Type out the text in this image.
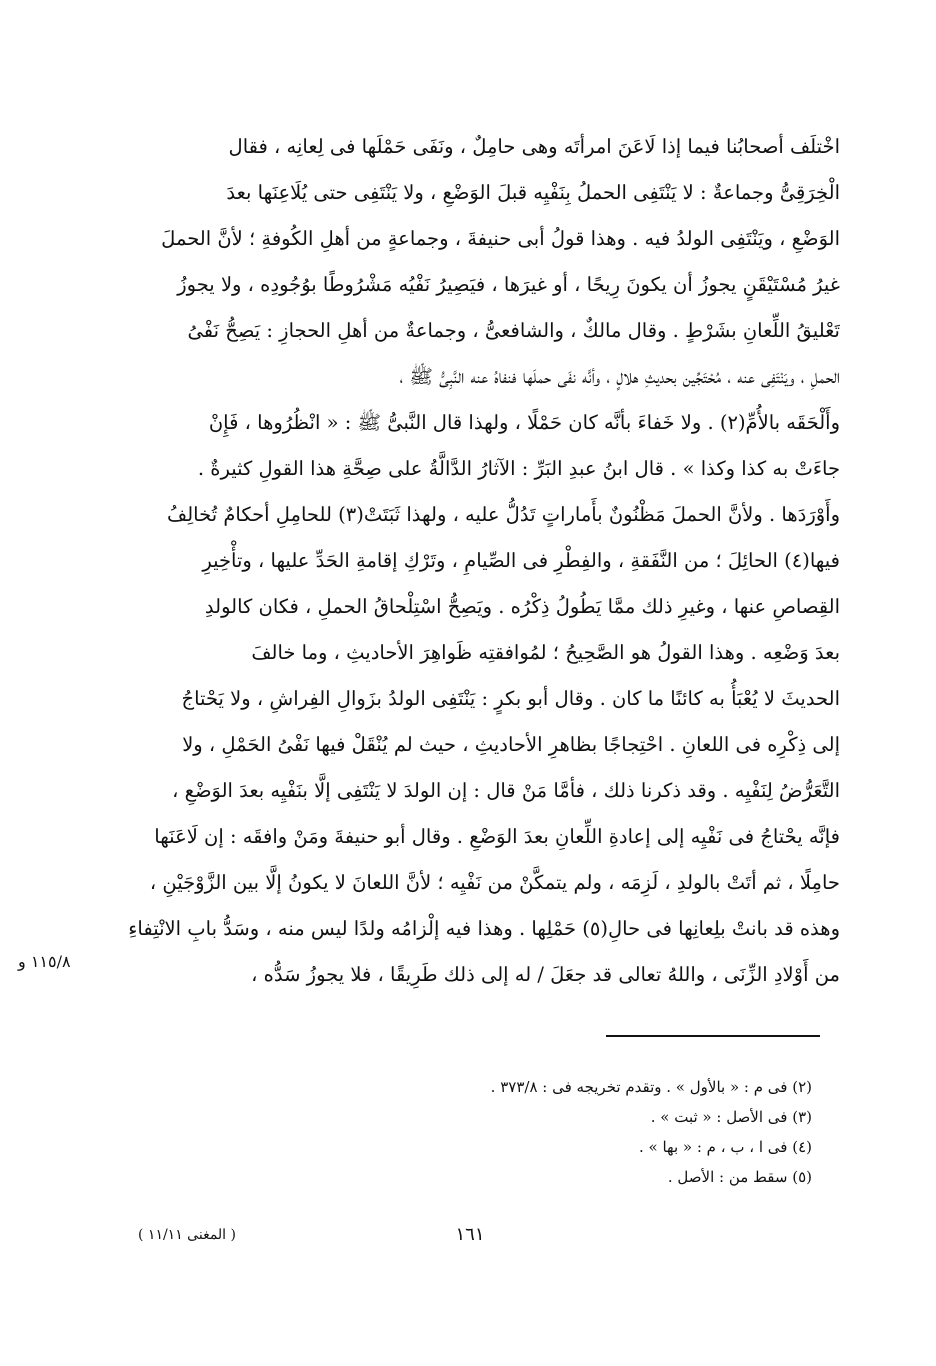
اخْتلَف أصحابُنا فيما إذا لَاعَنَ امرأتَه وهى حامِلٌ ، ونَفَى حَمْلَها فى لِعانِه ، فقال
الْخِرَقِىُّ وجماعةٌ : لا يَنْتَفِى الحملُ بِنَفْيِه قبلَ الوَضْعِ ، ولا يَنْتَفِى حتى يُلَاعِنَها بعدَ
الوَضْعِ ، ويَنْتَفِى الولدُ فيه . وهذا قولُ أبى حنيفةَ ، وجماعةٍ من أهلِ الكُوفةِ ؛ لأنَّ الحملَ
غيرُ مُسْتَيْقَنٍ يجوزُ أن يكونَ رِيحًا ، أو غيرَها ، فيَصِيرُ نَفْيُه مَشْرُوطًا بوُجُودِه ، ولا يجوزُ
تَعْليقُ اللِّعانِ بشَرْطٍ . وقال مالكٌ ، والشافعىُّ ، وجماعةٌ من أهلِ الحجازِ : يَصِحُّ نَفْىُ
الحملِ ، ويَنْتَفِى عنه ، مُحْتَجِّين بحديثِ هلالٍ ، وأنَّه نفَى حملَها فنفاهُ عنه النَّبِىُّ ﷺ ،
وأَلْحَقَه بالأُمِّ(٢) . ولا خَفاءَ بأنَّه كان حَمْلًا ، ولهذا قال النَّبىُّ ﷺ : « انْظُرُوها ، فَإِنْ
جاءَتْ به كذا وكذا » . قال ابنُ عبدِ البَرِّ : الآثارُ الدَّالَّةُ على صِحَّةِ هذا القولِ كثيرةٌ .
وأَوْرَدَها . ولأنَّ الحملَ مَظْنُونٌ بأَماراتٍ تَدُلُّ عليه ، ولهذا ثَبَتَتْ(٣) للحامِلِ أحكامٌ تُخالِفُ
فيها(٤) الحائِلَ ؛ من النَّفَقةِ ، والفِطْرِ فى الصِّيامِ ، وتَرْكِ إقامةِ الحَدِّ عليها ، وتأْخِيرِ
القِصاصِ عنها ، وغيرِ ذلك ممَّا يَطُولُ ذِكْرُه . ويَصِحُّ اسْتِلْحاقُ الحملِ ، فكان كالولدِ
بعدَ وَضْعِه . وهذا القولُ هو الصَّحِيحُ ؛ لمُوافقتِه ظَواهِرَ الأحاديثِ ، وما خالفَ
الحديثَ لا يُعْبَأُ به كائنًا ما كان . وقال أبو بكرٍ : يَنْتَفِى الولدُ بزَوالِ الفِراشِ ، ولا يَحْتاجُ
إلى ذِكْرِه فى اللعانِ . احْتِجاجًا بظاهرِ الأحاديثِ ، حيث لم يُنْقَلْ فيها نَفْىُ الحَمْلِ ، ولا
التَّعَرُّضُ لِنَفْيِه . وقد ذكرنا ذلك ، فأمَّا مَنْ قال : إن الولدَ لا يَنْتَفِى إلَّا بنَفْيِه بعدَ الوَضْعِ ،
فإنَّه يحْتاجُ فى نَفْيِه إلى إعادةِ اللِّعانِ بعدَ الوَضْعِ . وقال أبو حنيفةَ ومَنْ وافقَه : إن لَاعَنَها
حامِلًا ، ثم أتَتْ بالولدِ ، لَزِمَه ، ولم يتمكَّنْ من نَفْيِه ؛ لأنَّ اللعانَ لا يكونُ إلَّا بين الزَّوْجَيْنِ ،
وهذه قد بانتْ بلِعانِها فى حالِ(٥) حَمْلِها . وهذا فيه إلْزامُه ولدًا ليس منه ، وسَدُّ بابِ الانْتِفاءِ
من أَوْلادِ الزِّنَى ، واللهُ تعالى قد جعَلَ / له إلى ذلك طَرِيقًا ، فلا يجوزُ سَدُّه ،
١١٥/٨ و
(٢) فى م : « بالأول » . وتقدم تخريجه فى : ٣٧٣/٨ .
(٣) فى الأصل : « ثبت » .
(٤) فى ا ، ب ، م : « بها » .
(٥) سقط من : الأصل .
١٦١
( المغنى ١١/١١ )
